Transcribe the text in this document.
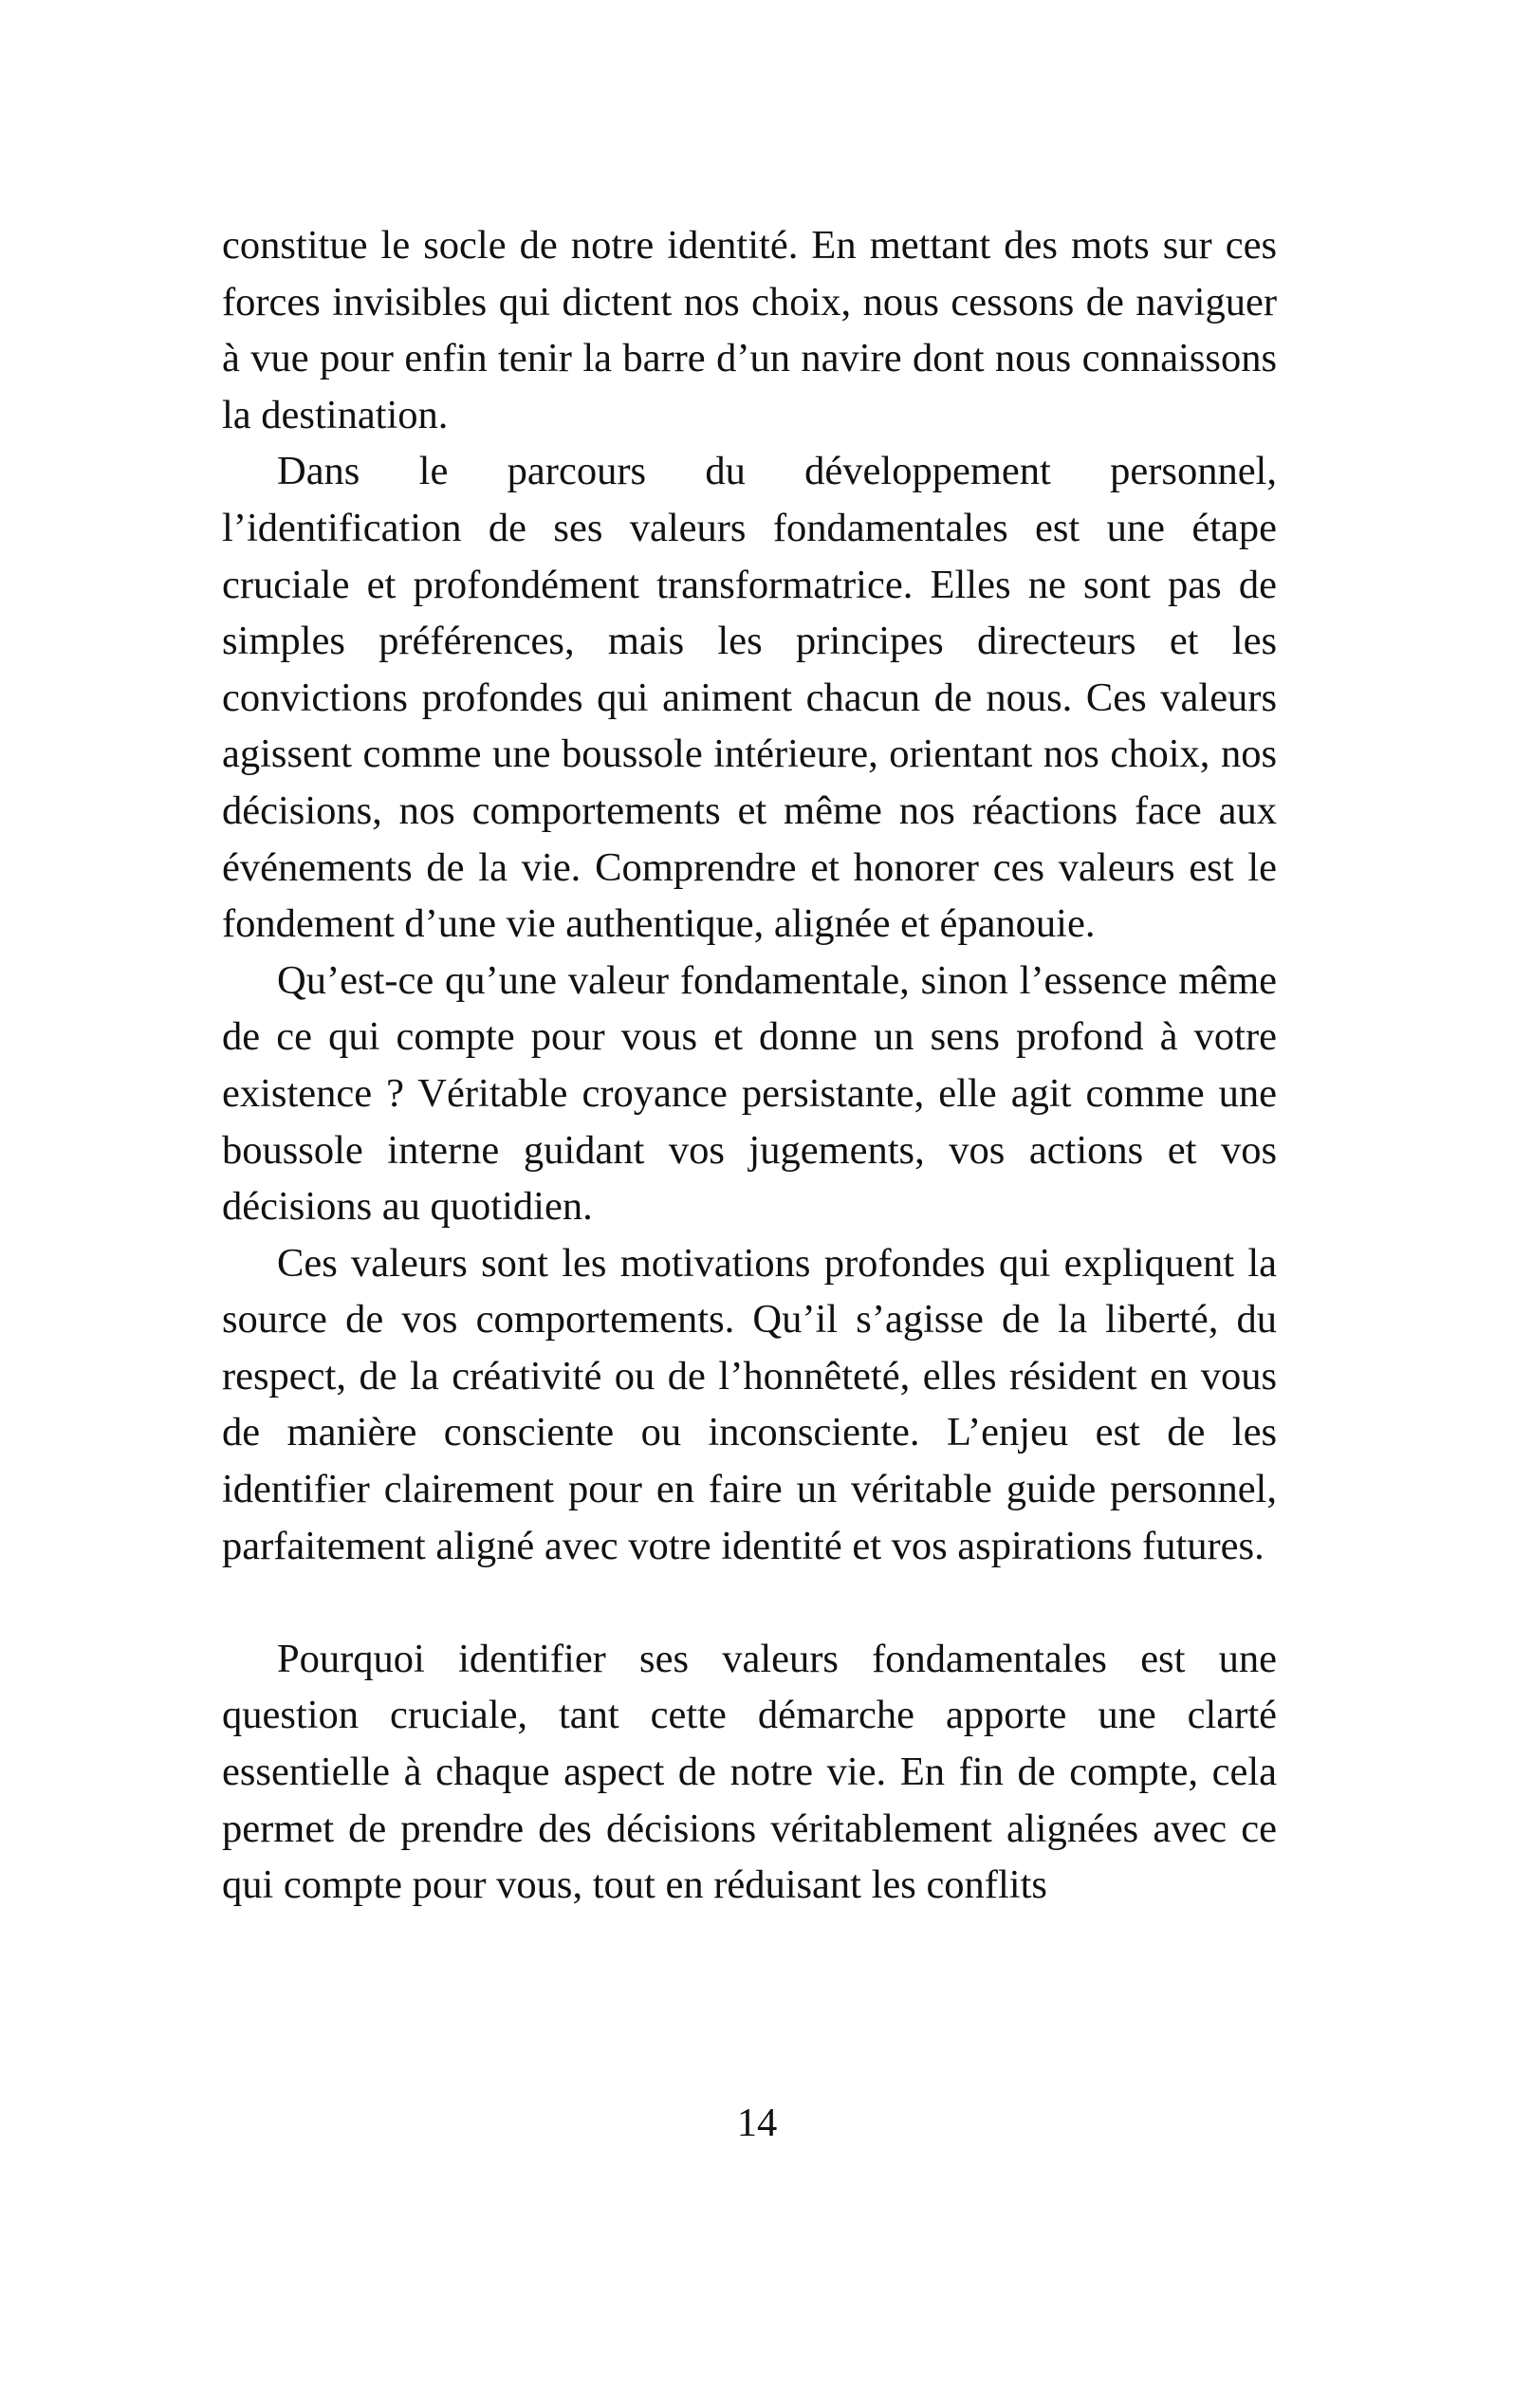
constitue le socle de notre identité. En mettant des mots sur ces forces invisibles qui dictent nos choix, nous cessons de naviguer à vue pour enfin tenir la barre d’un navire dont nous connaissons la destination.

Dans le parcours du développement personnel, l’identification de ses valeurs fondamentales est une étape cruciale et profondément transformatrice. Elles ne sont pas de simples préférences, mais les principes directeurs et les convictions profondes qui animent chacun de nous. Ces valeurs agissent comme une boussole intérieure, orientant nos choix, nos décisions, nos comportements et même nos réactions face aux événements de la vie. Comprendre et honorer ces valeurs est le fondement d’une vie authentique, alignée et épanouie.

Qu’est-ce qu’une valeur fondamentale, sinon l’essence même de ce qui compte pour vous et donne un sens profond à votre existence ? Véritable croyance persistante, elle agit comme une boussole interne guidant vos jugements, vos actions et vos décisions au quotidien.

Ces valeurs sont les motivations profondes qui expliquent la source de vos comportements. Qu’il s’agisse de la liberté, du respect, de la créativité ou de l’honnêteté, elles résident en vous de manière consciente ou inconsciente. L’enjeu est de les identifier clairement pour en faire un véritable guide personnel, parfaitement aligné avec votre identité et vos aspirations futures.

Pourquoi identifier ses valeurs fondamentales est une question cruciale, tant cette démarche apporte une clarté essentielle à chaque aspect de notre vie. En fin de compte, cela permet de prendre des décisions véritablement alignées avec ce qui compte pour vous, tout en réduisant les conflits

14
